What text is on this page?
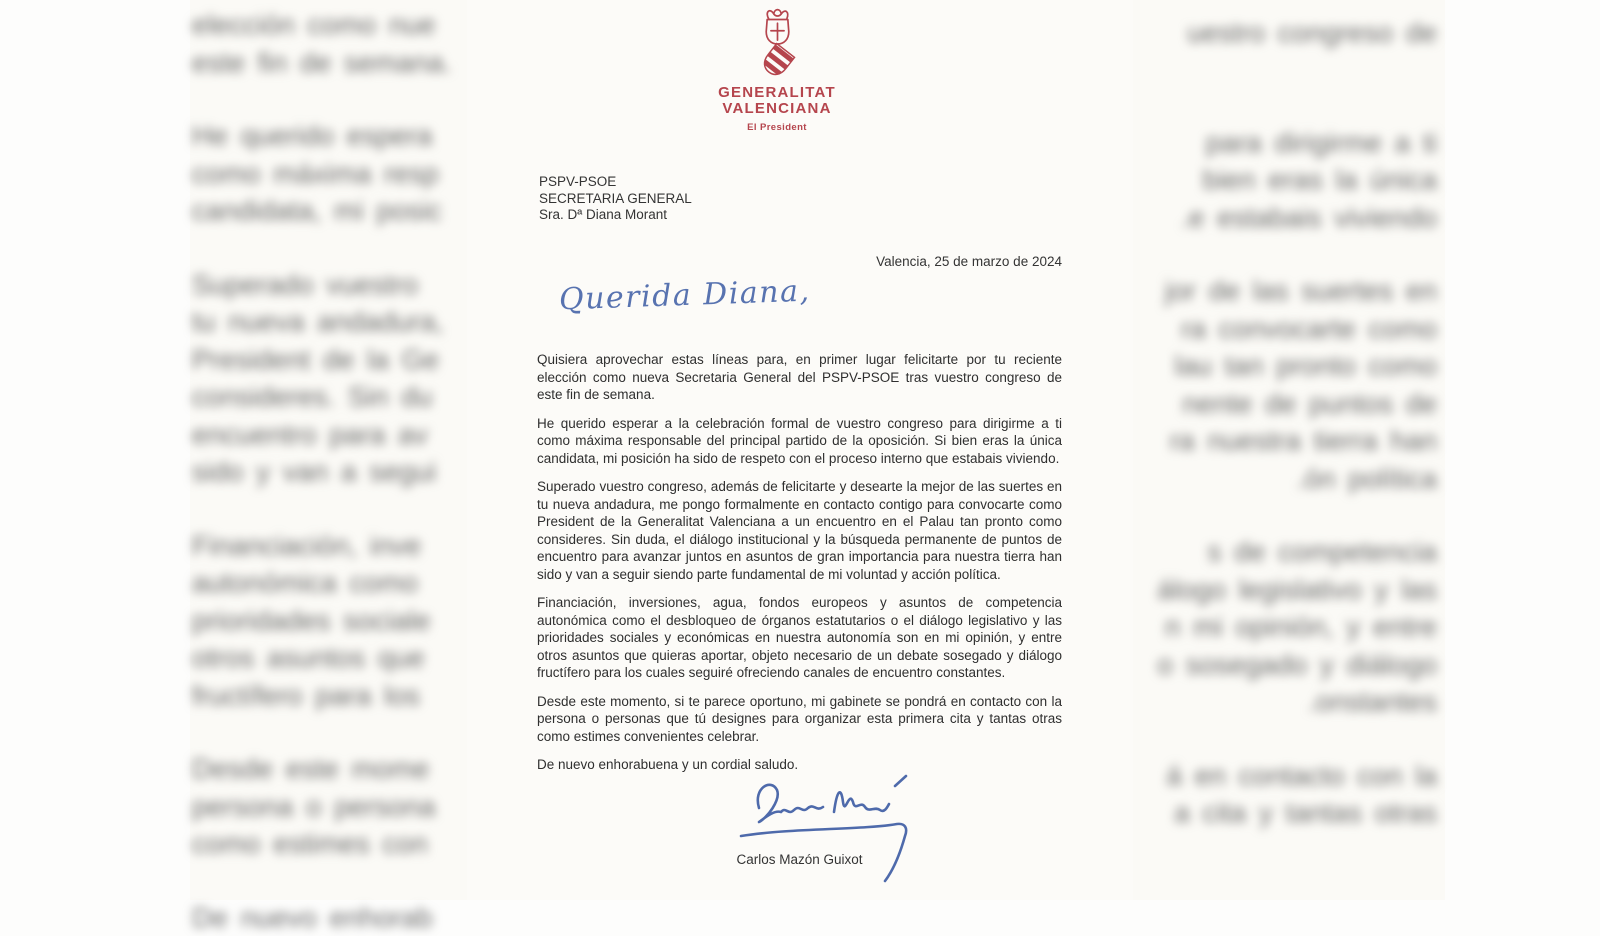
elección como nue
este fin de semana.
He querido espera
como máxima resp
candidata, mi posic
Superado vuestro
tu nueva andadura,
President de la Ge
consideres. Sin du
encuentro para av
sido y van a segui
Financiación, inve
autonómica como
prioridades sociale
otros asuntos que
fructífero para los
Desde este mome
persona o persona
como estimes con
De nuevo enhorab
uestro congreso de
para dirigirme a ti
bien eras la única
e estabais viviendo.
jor de las suertes en
ra convocarte como
lau tan pronto como
nente de puntos de
ra nuestra tierra han
ón política.
s de competencia
álogo legislativo y las
n mi opinión, y entre
o sosegado y diálogo
onstantes.
á en contacto con la
a cita y tantas otras
GENERALITAT
VALENCIANA
El President
PSPV-PSOE
SECRETARIA GENERAL
Sra. Dª Diana Morant
Valencia, 25 de marzo de 2024
Querida Diana,
Quisiera aprovechar estas líneas para, en primer lugar felicitarte por tu reciente elección como nueva Secretaria General del PSPV-PSOE tras vuestro congreso de este fin de semana.
He querido esperar a la celebración formal de vuestro congreso para dirigirme a ti como máxima responsable del principal partido de la oposición. Si bien eras la única candidata, mi posición ha sido de respeto con el proceso interno que estabais viviendo.
Superado vuestro congreso, además de felicitarte y desearte la mejor de las suertes en tu nueva andadura, me pongo formalmente en contacto contigo para convocarte como President de la Generalitat Valenciana a un encuentro en el Palau tan pronto como consideres. Sin duda, el diálogo institucional y la búsqueda permanente de puntos de encuentro para avanzar juntos en asuntos de gran importancia para nuestra tierra han sido y van a seguir siendo parte fundamental de mi voluntad y acción política.
Financiación, inversiones, agua, fondos europeos y asuntos de competencia autonómica como el desbloqueo de órganos estatutarios o el diálogo legislativo y las prioridades sociales y económicas en nuestra autonomía son en mi opinión, y entre otros asuntos que quieras aportar, objeto necesario de un debate sosegado y diálogo fructífero para los cuales seguiré ofreciendo canales de encuentro constantes.
Desde este momento, si te parece oportuno, mi gabinete se pondrá en contacto con la persona o personas que tú designes para organizar esta primera cita y tantas otras como estimes convenientes celebrar.
De nuevo enhorabuena y un cordial saludo.
Carlos Mazón Guixot
